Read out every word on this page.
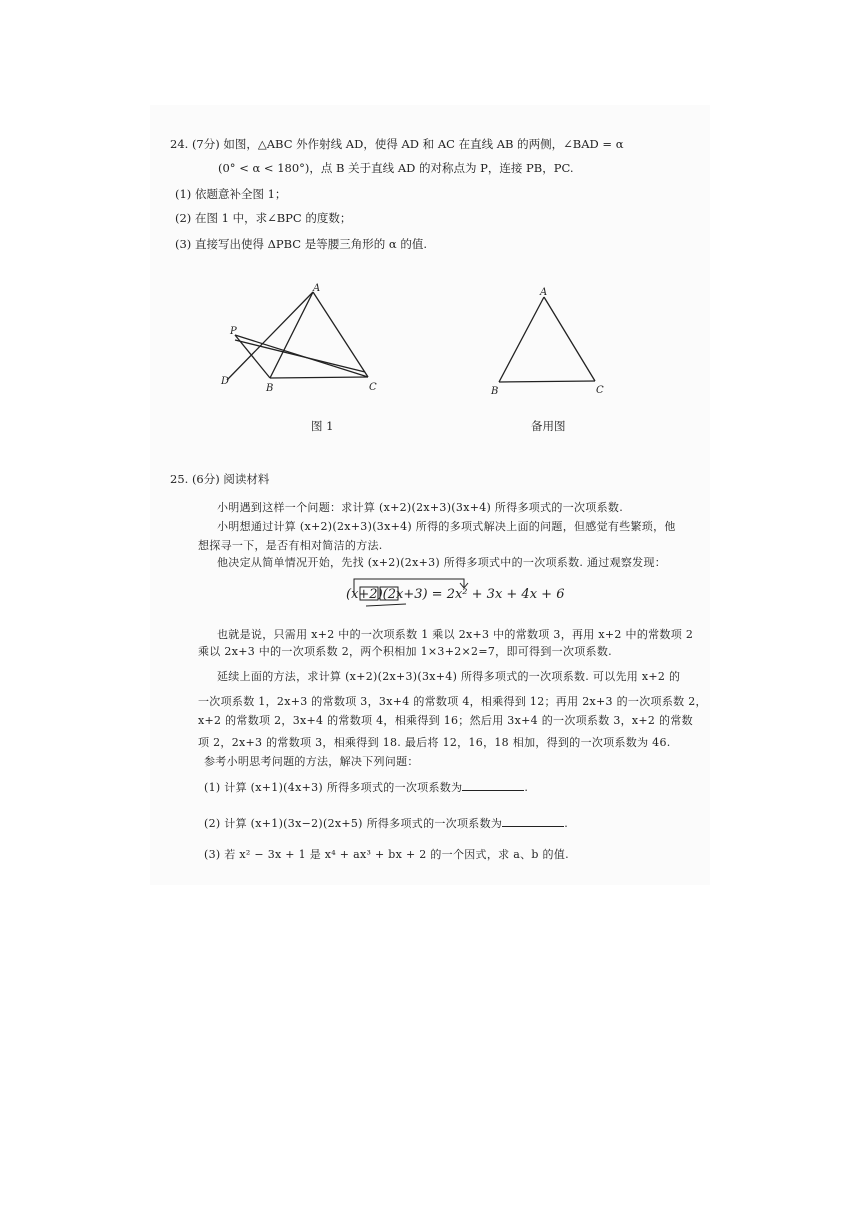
24. (7分) 如图，△ABC 外作射线 AD，使得 AD 和 AC 在直线 AB 的两侧，∠BAD = α
(0° < α < 180°)，点 B 关于直线 AD 的对称点为 P，连接 PB，PC.
(1) 依题意补全图 1；
(2) 在图 1 中，求∠BPC 的度数；
(3) 直接写出使得 ΔPBC 是等腰三角形的 α 的值.
A
P
D
B	C
图 1
A
B	C
备用图
25. (6分) 阅读材料
小明遇到这样一个问题：求计算 (x+2)(2x+3)(3x+4) 所得多项式的一次项系数.
小明想通过计算 (x+2)(2x+3)(3x+4) 所得的多项式解决上面的问题，但感觉有些繁琐，他
想探寻一下，是否有相对简洁的方法.
他决定从简单情况开始，先找 (x+2)(2x+3) 所得多项式中的一次项系数. 通过观察发现：
(x+2)(2x+3) = 2x² + 3x + 4x + 6
也就是说，只需用 x+2 中的一次项系数 1 乘以 2x+3 中的常数项 3，再用 x+2 中的常数项 2
乘以 2x+3 中的一次项系数 2，两个积相加 1×3+2×2=7，即可得到一次项系数.
延续上面的方法，求计算 (x+2)(2x+3)(3x+4) 所得多项式的一次项系数. 可以先用 x+2 的
一次项系数 1，2x+3 的常数项 3，3x+4 的常数项 4，相乘得到 12；再用 2x+3 的一次项系数 2，
x+2 的常数项 2，3x+4 的常数项 4，相乘得到 16；然后用 3x+4 的一次项系数 3，x+2 的常数
项 2，2x+3 的常数项 3，相乘得到 18. 最后将 12，16，18 相加，得到的一次项系数为 46.
参考小明思考问题的方法，解决下列问题：
(1) 计算 (x+1)(4x+3) 所得多项式的一次项系数为	.
(2) 计算 (x+1)(3x−2)(2x+5) 所得多项式的一次项系数为	.
(3) 若 x² − 3x + 1 是 x⁴ + ax³ + bx + 2 的一个因式，求 a、b 的值.
